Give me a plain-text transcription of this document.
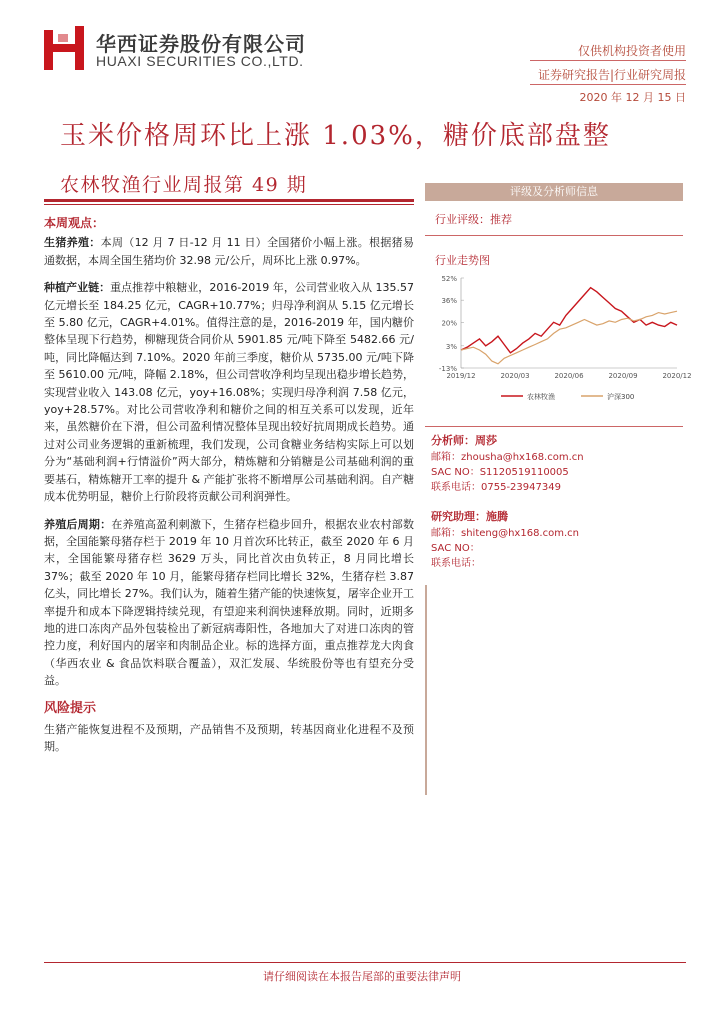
华西证券股份有限公司
HUAXI SECURITIES CO.,LTD.
仅供机构投资者使用
证券研究报告|行业研究周报
2020 年 12 月 15 日
玉米价格周环比上涨 1.03%，糖价底部盘整
农林牧渔行业周报第 49 期
本周观点：

生猪养殖：本周（12 月 7 日-12 月 11 日）全国猪价小幅上涨。根据猪易通数据，本周全国生猪均价 32.98 元/公斤，周环比上涨 0.97%。

种植产业链：重点推荐中粮糖业，2016-2019 年，公司营业收入从 135.57 亿元增长至 184.25 亿元，CAGR+10.77%；归母净利润从 5.15 亿元增长至 5.80 亿元，CAGR+4.01%。值得注意的是，2016-2019 年，国内糖价整体呈现下行趋势，柳糖现货合同价从 5901.85 元/吨下降至 5482.66 元/吨，同比降幅达到 7.10%。2020 年前三季度，糖价从 5735.00 元/吨下降至 5610.00 元/吨，降幅 2.18%，但公司营收净利均呈现出稳步增长趋势，实现营业收入 143.08 亿元，yoy+16.08%；实现归母净利润 7.58 亿元，yoy+28.57%。对比公司营收净利和糖价之间的相互关系可以发现，近年来，虽然糖价在下滑，但公司盈利情况整体呈现出较好抗周期成长趋势。通过对公司业务逻辑的重新梳理，我们发现，公司食糖业务结构实际上可以划分为“基础利润+行情溢价”两大部分，精炼糖和分销糖是公司基础利润的重要基石，精炼糖开工率的提升 & 产能扩张将不断增厚公司基础利润。自产糖成本优势明显，糖价上行阶段将贡献公司利润弹性。

养殖后周期：在养殖高盈利刺激下，生猪存栏稳步回升，根据农业农村部数据，全国能繁母猪存栏于 2019 年 10 月首次环比转正，截至 2020 年 6 月末，全国能繁母猪存栏 3629 万头，同比首次由负转正，8 月同比增长 37%；截至 2020 年 10 月，能繁母猪存栏同比增长 32%，生猪存栏 3.87 亿头，同比增长 27%。我们认为，随着生猪产能的快速恢复，屠宰企业开工率提升和成本下降逻辑持续兑现，有望迎来利润快速释放期。同时，近期多地的进口冻肉产品外包装检出了新冠病毒阳性，各地加大了对进口冻肉的管控力度，利好国内的屠宰和肉制品企业。标的选择方面，重点推荐龙大肉食（华西农业 & 食品饮料联合覆盖），双汇发展、华统股份等也有望充分受益。

风险提示

生猪产能恢复进程不及预期，产品销售不及预期，转基因商业化进程不及预期。

评级及分析师信息
行业评级：推荐
行业走势图
52%
36%
20%
3%
-13%
2019/12	2020/03	2020/06	2020/09	2020/12
农林牧渔	沪深300
分析师：周莎
邮箱：zhousha@hx168.com.cn
SAC NO：S1120519110005
联系电话：0755-23947349
研究助理：施腾
邮箱：shiteng@hx168.com.cn
SAC NO：
联系电话：
请仔细阅读在本报告尾部的重要法律声明
